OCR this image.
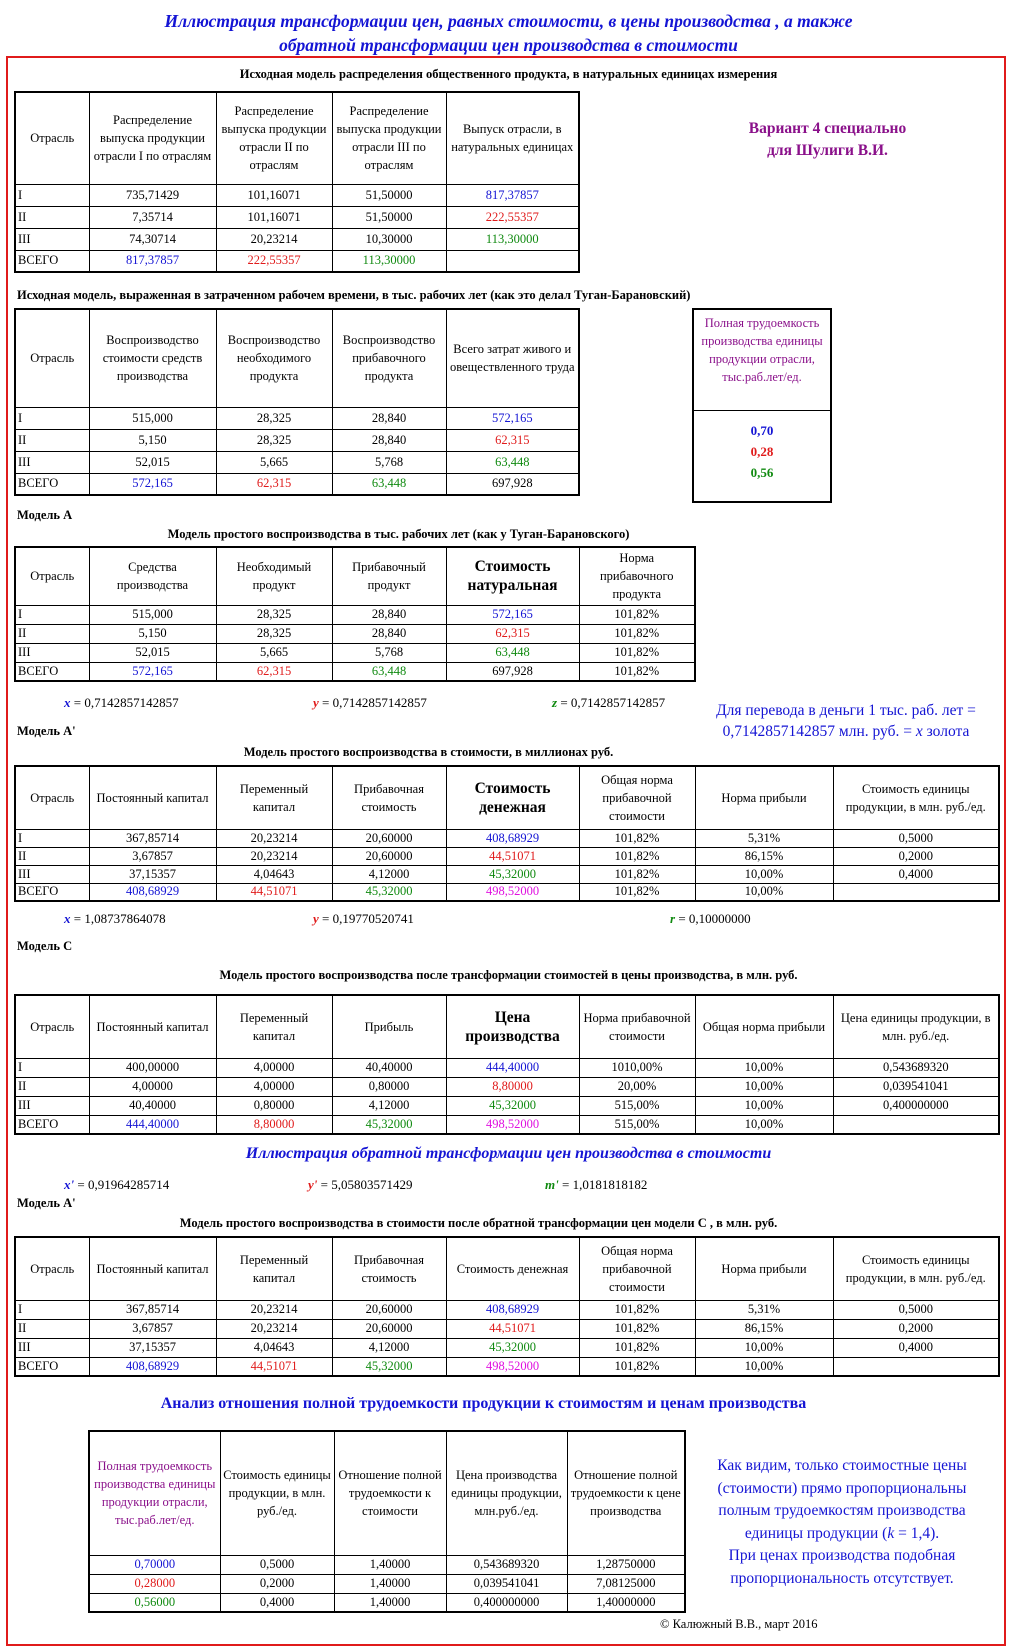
Иллюстрация трансформации цен, равных стоимости, в цены производства , а также
обратной трансформации цен производства в стоимости
Исходная модель распределения общественного продукта, в натуральных единицах измерения
Отрасль	Распределение выпуска продукции отрасли I по отраслям	Распределение выпуска продукции отрасли II по отраслям	Распределение выпуска продукции отрасли III по отраслям	Выпуск отрасли, в натуральных единицах
I	735,71429	101,16071	51,50000	817,37857
II	7,35714	101,16071	51,50000	222,55357
III	74,30714	20,23214	10,30000	113,30000
ВСЕГО	817,37857	222,55357	113,30000	
Вариант 4 специально
для Шулиги В.И.
Исходная модель, выраженная в затраченном рабочем времени, в тыс. рабочих лет (как это делал Туган-Барановский)
Отрасль	Воспроизводство стоимости средств производства	Воспроизводство необходимого продукта	Воспроизводство прибавочного продукта	Всего затрат живого и овеществленного труда
I	515,000	28,325	28,840	572,165
II	5,150	28,325	28,840	62,315
III	52,015	5,665	5,768	63,448
ВСЕГО	572,165	62,315	63,448	697,928
Полная трудоемкость производства единицы продукции отрасли, тыс.раб.лет/ед.
0,70
0,28
0,56
Модель А
Модель простого воспроизводства в тыс. рабочих лет (как у Туган-Барановского)
Отрасль	Средства производства	Необходимый продукт	Прибавочный продукт	Стоимость натуральная	Норма прибавочного продукта
I	515,000	28,325	28,840	572,165	101,82%
II	5,150	28,325	28,840	62,315	101,82%
III	52,015	5,665	5,768	63,448	101,82%
ВСЕГО	572,165	62,315	63,448	697,928	101,82%
x = 0,7142857142857	y = 0,7142857142857	z = 0,7142857142857	Для перевода в деньги 1 тыс. раб. лет =
0,7142857142857 млн. руб. = x золота
Модель А'
Модель простого воспроизводства в стоимости, в миллионах руб.
Отрасль	Постоянный капитал	Переменный капитал	Прибавочная стоимость	Стоимость денежная	Общая норма прибавочной стоимости	Норма прибыли	Стоимость единицы продукции, в млн. руб./ед.
I	367,85714	20,23214	20,60000	408,68929	101,82%	5,31%	0,5000
II	3,67857	20,23214	20,60000	44,51071	101,82%	86,15%	0,2000
III	37,15357	4,04643	4,12000	45,32000	101,82%	10,00%	0,4000
ВСЕГО	408,68929	44,51071	45,32000	498,52000	101,82%	10,00%	
x = 1,08737864078	y = 0,19770520741	r = 0,10000000
Модель С
Модель простого воспроизводства после трансформации стоимостей в цены производства, в млн. руб.
Отрасль	Постоянный капитал	Переменный капитал	Прибыль	Цена производства	Норма прибавочной стоимости	Общая норма прибыли	Цена единицы продукции, в млн. руб./ед.
I	400,00000	4,00000	40,40000	444,40000	1010,00%	10,00%	0,543689320
II	4,00000	4,00000	0,80000	8,80000	20,00%	10,00%	0,039541041
III	40,40000	0,80000	4,12000	45,32000	515,00%	10,00%	0,400000000
ВСЕГО	444,40000	8,80000	45,32000	498,52000	515,00%	10,00%	
Иллюстрация обратной трансформации цен производства в стоимости
x' = 0,91964285714	y' = 5,05803571429	m' = 1,0181818182
Модель А'
Модель простого воспроизводства в стоимости после обратной трансформации цен модели С , в млн. руб.
Отрасль	Постоянный капитал	Переменный капитал	Прибавочная стоимость	Стоимость денежная	Общая норма прибавочной стоимости	Норма прибыли	Стоимость единицы продукции, в млн. руб./ед.
I	367,85714	20,23214	20,60000	408,68929	101,82%	5,31%	0,5000
II	3,67857	20,23214	20,60000	44,51071	101,82%	86,15%	0,2000
III	37,15357	4,04643	4,12000	45,32000	101,82%	10,00%	0,4000
ВСЕГО	408,68929	44,51071	45,32000	498,52000	101,82%	10,00%	
Анализ отношения полной трудоемкости продукции к стоимостям и ценам производства
Полная трудоемкость производства единицы продукции отрасли, тыс.раб.лет/ед.	Стоимость единицы продукции, в млн. руб./ед.	Отношение полной трудоемкости к стоимости	Цена производства единицы продукции, млн.руб./ед.	Отношение полной трудоемкости к цене производства
0,70000	0,5000	1,40000	0,543689320	1,28750000
0,28000	0,2000	1,40000	0,039541041	7,08125000
0,56000	0,4000	1,40000	0,400000000	1,40000000
Как видим, только стоимостные цены
(стоимости) прямо пропорциональны
полным трудоемкостям производства
единицы продукции (k = 1,4).
При ценах производства подобная
пропорциональность отсутствует.
© Калюжный В.В., март 2016
